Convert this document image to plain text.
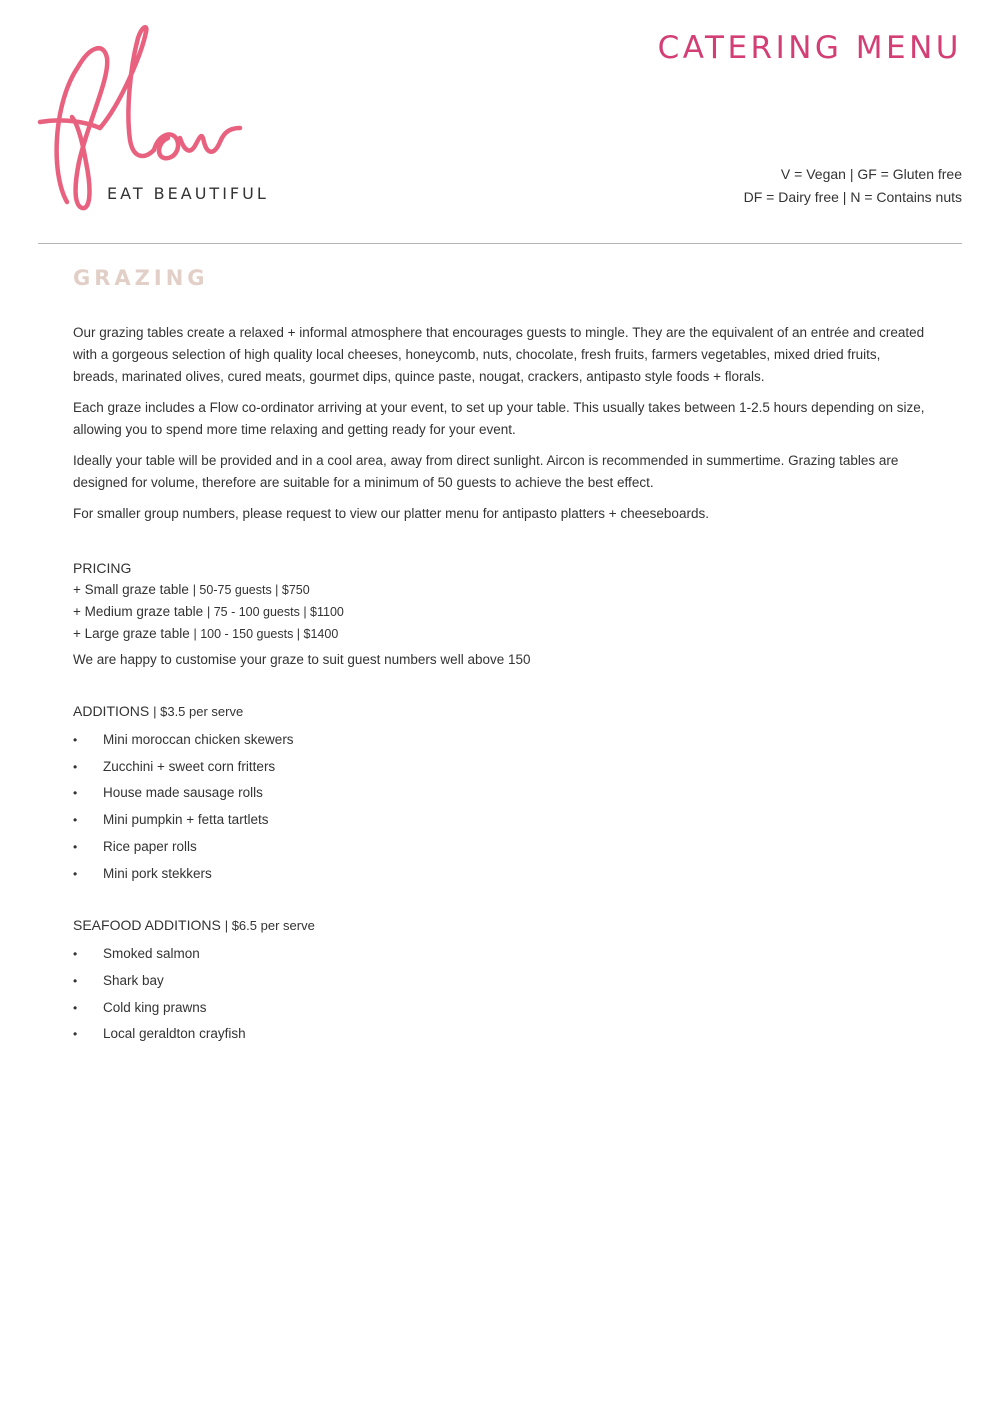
EAT BEAUTIFUL
CATERING MENU
V = Vegan | GF = Gluten free
DF = Dairy free | N = Contains nuts
GRAZING

Our grazing tables create a relaxed + informal atmosphere that encourages guests to mingle. They are the equivalent of an entrée and created with a gorgeous selection of high quality local cheeses, honeycomb, nuts, chocolate, fresh fruits, farmers vegetables, mixed dried fruits, breads, marinated olives, cured meats, gourmet dips, quince paste, nougat, crackers, antipasto style foods + florals.

Each graze includes a Flow co-ordinator arriving at your event, to set up your table. This usually takes between 1-2.5 hours depending on size, allowing you to spend more time relaxing and getting ready for your event.

Ideally your table will be provided and in a cool area, away from direct sunlight. Aircon is recommended in summertime. Grazing tables are designed for volume, therefore are suitable for a minimum of 50 guests to achieve the best effect.

For smaller group numbers, please request to view our platter menu for antipasto platters + cheeseboards.

PRICING
+ Small graze table | 50-75 guests | $750
+ Medium graze table | 75 - 100 guests | $1100
+ Large graze table | 100 - 150 guests | $1400
We are happy to customise your graze to suit guest numbers well above 150
ADDITIONS | $3.5 per serve
• Mini moroccan chicken skewers
• Zucchini + sweet corn fritters
• House made sausage rolls
• Mini pumpkin + fetta tartlets
• Rice paper rolls
• Mini pork stekkers
SEAFOOD ADDITIONS | $6.5 per serve
• Smoked salmon
• Shark bay
• Cold king prawns
• Local geraldton crayfish
